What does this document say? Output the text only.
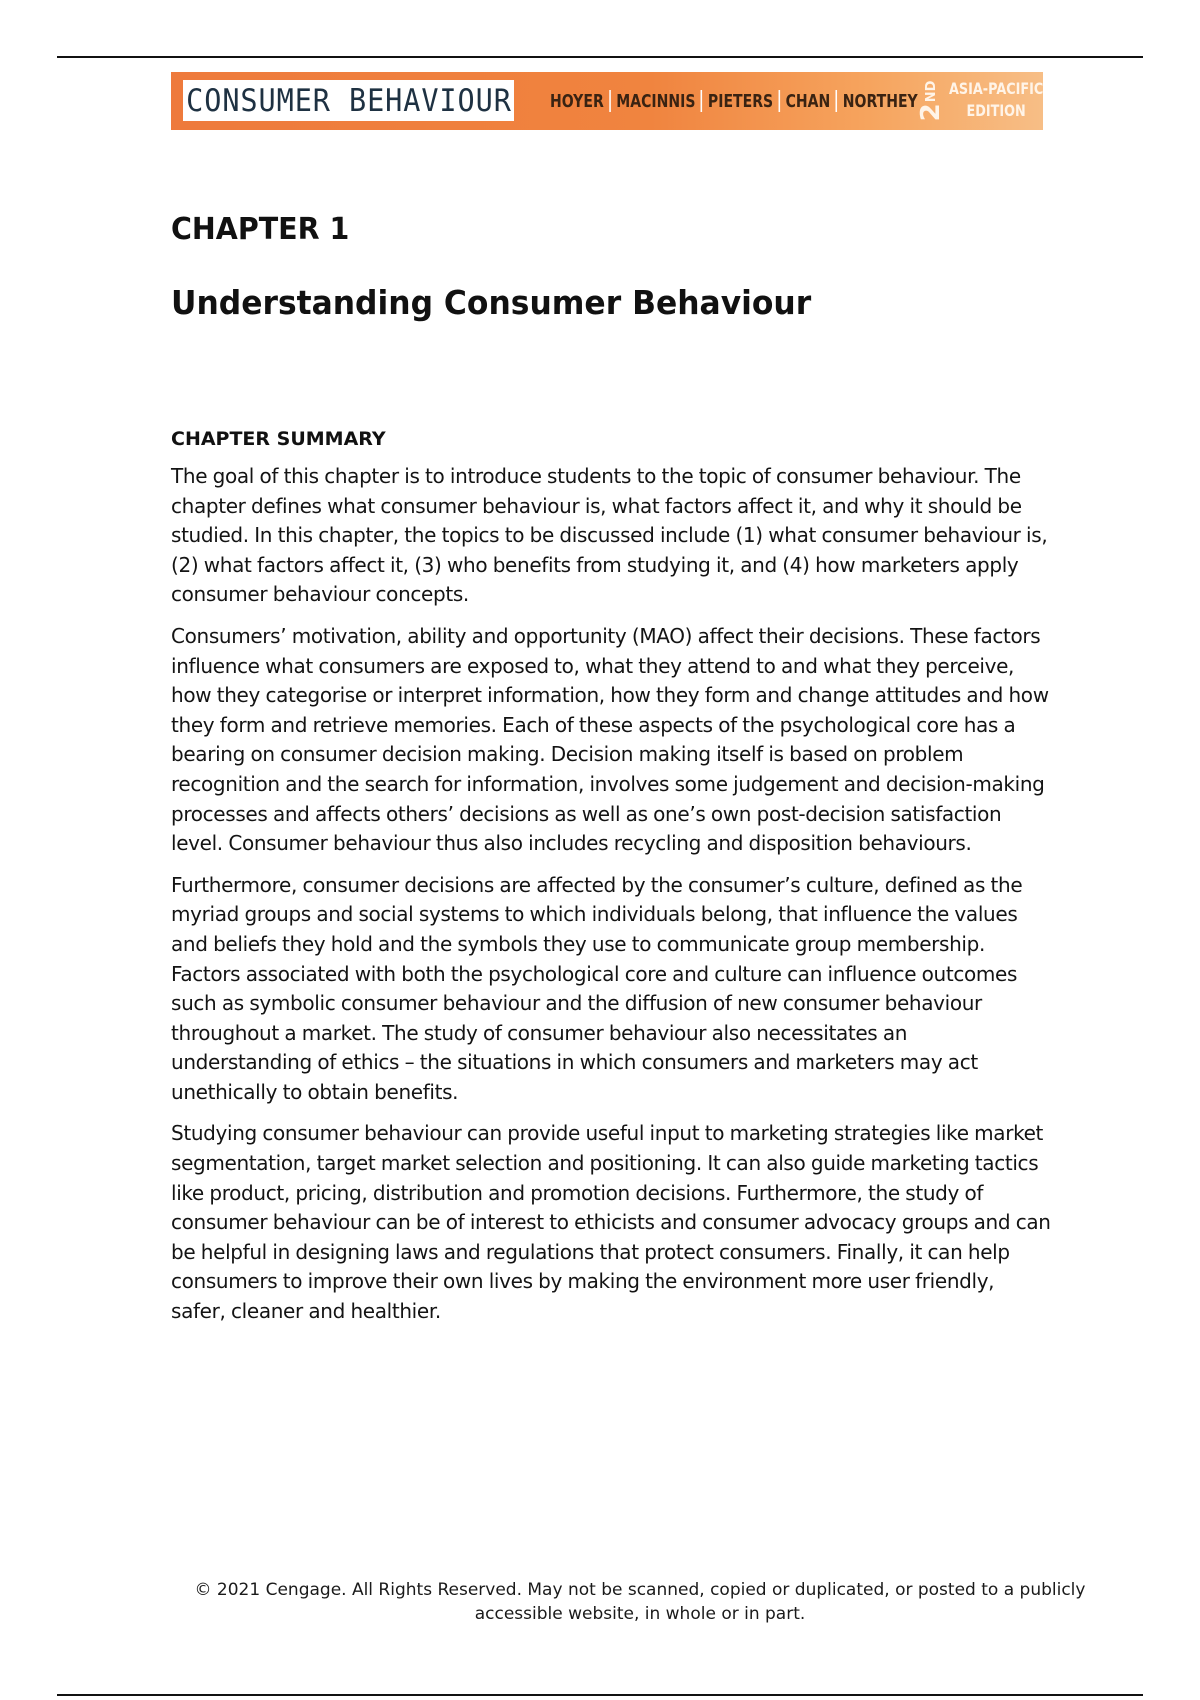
CONSUMER BEHAVIOUR HOYER MACINNIS PIETERS CHAN NORTHEY
2
ND ASIA-PACIFIC
EDITION
CHAPTER 1
Understanding Consumer Behaviour
CHAPTER SUMMARY

The goal of this chapter is to introduce students to the topic of consumer behaviour. The chapter defines what consumer behaviour is, what factors affect it, and why it should be studied. In this chapter, the topics to be discussed include (1) what consumer behaviour is, (2) what factors affect it, (3) who benefits from studying it, and (4) how marketers apply consumer behaviour concepts.

Consumers’ motivation, ability and opportunity (MAO) affect their decisions. These factors influence what consumers are exposed to, what they attend to and what they perceive, how they categorise or interpret information, how they form and change attitudes and how they form and retrieve memories. Each of these aspects of the psychological core has a bearing on consumer decision making. Decision making itself is based on problem recognition and the search for information, involves some judgement and decision-making processes and affects others’ decisions as well as one’s own post-decision satisfaction level. Consumer behaviour thus also includes recycling and disposition behaviours.

Furthermore, consumer decisions are affected by the consumer’s culture, defined as the myriad groups and social systems to which individuals belong, that influence the values and beliefs they hold and the symbols they use to communicate group membership. Factors associated with both the psychological core and culture can influence outcomes such as symbolic consumer behaviour and the diffusion of new consumer behaviour throughout a market. The study of consumer behaviour also necessitates an understanding of ethics – the situations in which consumers and marketers may act unethically to obtain benefits.

Studying consumer behaviour can provide useful input to marketing strategies like market segmentation, target market selection and positioning. It can also guide marketing tactics like product, pricing, distribution and promotion decisions. Furthermore, the study of consumer behaviour can be of interest to ethicists and consumer advocacy groups and can be helpful in designing laws and regulations that protect consumers. Finally, it can help consumers to improve their own lives by making the environment more user friendly, safer, cleaner and healthier.

© 2021 Cengage. All Rights Reserved. May not be scanned, copied or duplicated, or posted to a publicly accessible website, in whole or in part.
